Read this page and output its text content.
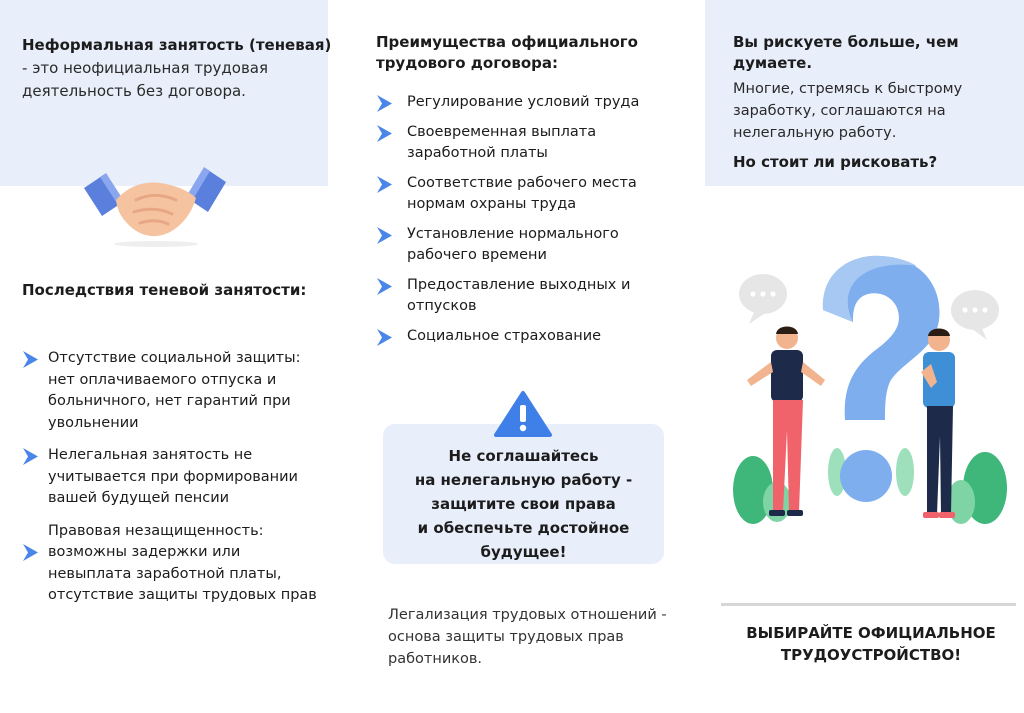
Неформальная занятость (теневая) - это неофициальная трудовая деятельность без договора.

Последствия теневой занятости:
Отсутствие социальной защиты: нет оплачиваемого отпуска и больничного, нет гарантий при увольнении
Нелегальная занятость не учитывается при формировании вашей будущей пенсии
Правовая незащищенность: возможны задержки или невыплата заработной платы, отсутствие защиты трудовых прав
Преимущества официального трудового договора:
Регулирование условий труда
Своевременная выплата заработной платы
Соответствие рабочего места нормам охраны труда
Установление нормального рабочего времени
Предоставление выходных и отпусков
Социальное страхование
Не соглашайтесь
на нелегальную работу -
защитите свои права
и обеспечьте достойное будущее!

Легализация трудовых отношений - основа защиты трудовых прав работников.

Вы рискуете больше, чем думаете.

Многие, стремясь к быстрому заработку, соглашаются на нелегальную работу.

Но стоит ли рисковать?

ВЫБИРАЙТЕ ОФИЦИАЛЬНОЕ ТРУДОУСТРОЙСТВО!
